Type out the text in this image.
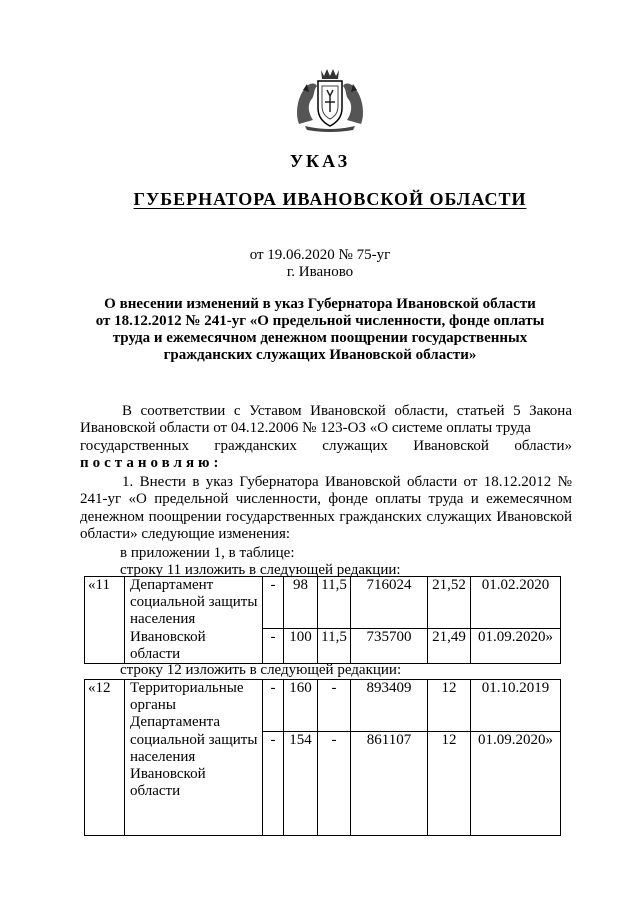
УКАЗ
ГУБЕРНАТОРА ИВАНОВСКОЙ ОБЛАСТИ
от 19.06.2020 № 75-уг
г. Иваново
О внесении изменений в указ Губернатора Ивановской области
от 18.12.2012 № 241-уг «О предельной численности, фонде оплаты
труда и ежемесячном денежном поощрении государственных
гражданских служащих Ивановской области»
В соответствии с Уставом Ивановской области, статьей 5 Закона Ивановской области от 04.12.2006 № 123-ОЗ «О системе оплаты труда
государственных гражданских служащих Ивановской области»
постановляю:
1. Внести в указ Губернатора Ивановской области от 18.12.2012 № 241-уг «О предельной численности, фонде оплаты труда и ежемесячном денежном поощрении государственных гражданских служащих Ивановской области» следующие изменения:
в приложении 1, в таблице:
строку 11 изложить в следующей редакции:
«11	Департамент социальной защиты населения	-	98	11,5	716024	21,52	01.02.2020
	Ивановской области	-	100	11,5	735700	21,49	01.09.2020»
строку 12 изложить в следующей редакции:
«12	Территориальные органы Департамента	-	160	-	893409	12	01.10.2019
	социальной защиты населения Ивановской области	-	154	-	861107	12	01.09.2020»
